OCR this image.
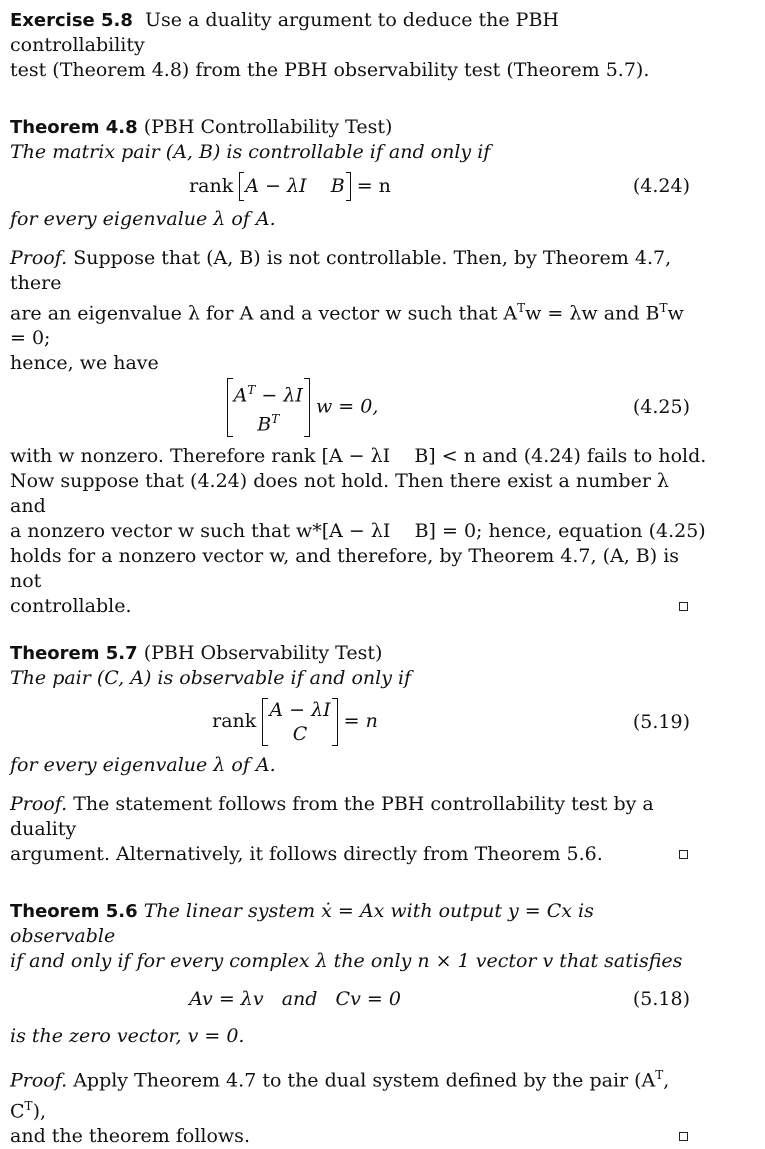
Exercise 5.8 Use a duality argument to deduce the PBH controllability
test (Theorem 4.8) from the PBH observability test (Theorem 5.7).

Theorem 4.8 (PBH Controllability Test)
The matrix pair (A, B) is controllable if and only if

rank A − λI    B = n	(4.24)

for every eigenvalue λ of A.

Proof. Suppose that (A, B) is not controllable. Then, by Theorem 4.7, there
are an eigenvalue λ for A and a vector w such that $A^Tw = \lambda w$ and $B^Tw = 0$;
hence, we have

$A^T - \lambda I$
$B^T$
w = 0,	(4.25)

with w nonzero. Therefore rank [A − λI    B] < n and (4.24) fails to hold.
Now suppose that (4.24) does not hold. Then there exist a number λ and
a nonzero vector w such that w*[A − λI    B] = 0; hence, equation (4.25)
holds for a nonzero vector w, and therefore, by Theorem 4.7, (A, B) is not
controllable.

Theorem 5.7 (PBH Observability Test)
The pair (C, A) is observable if and only if

rank A − λI
C
= n	(5.19)

for every eigenvalue λ of A.

Proof. The statement follows from the PBH controllability test by a duality
argument. Alternatively, it follows directly from Theorem 5.6.

Theorem 5.6 The linear system ẋ = Ax with output y = Cx is observable
if and only if for every complex λ the only n × 1 vector v that satisfies

Av = λv and Cv = 0	(5.18)

is the zero vector, v = 0.

Proof. Apply Theorem 4.7 to the dual system defined by the pair ($A^T$, $C^T$),
and the theorem follows.
